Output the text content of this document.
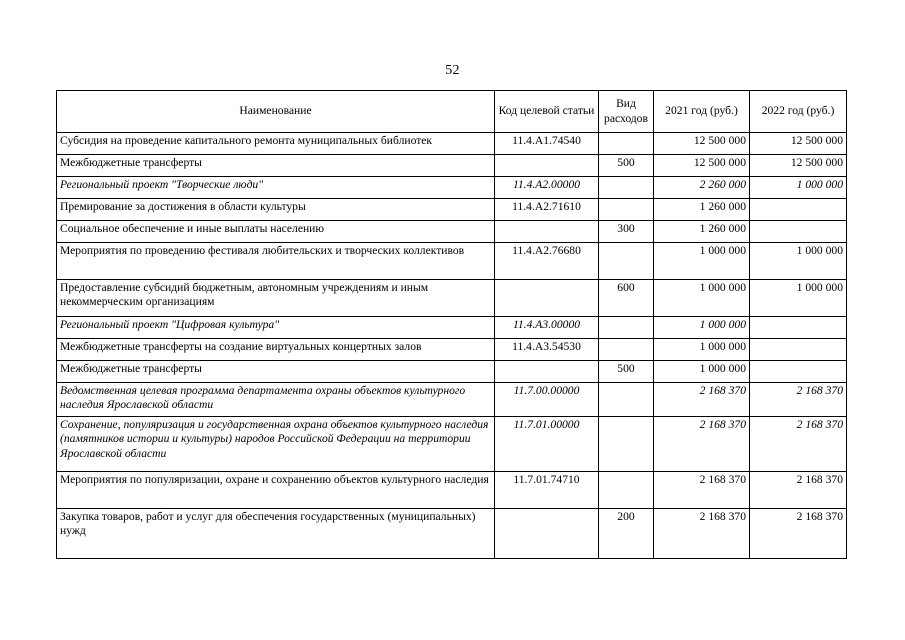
52
Наименование	Код целевой статьи	Вид расходов	2021 год (руб.)	2022 год (руб.)
Субсидия на проведение капитального ремонта муниципальных библиотек	11.4.А1.74540		12 500 000	12 500 000
Межбюджетные трансферты		500	12 500 000	12 500 000
Региональный проект "Творческие люди"	11.4.А2.00000		2 260 000	1 000 000
Премирование за достижения в области культуры	11.4.А2.71610		1 260 000	
Социальное обеспечение и иные выплаты населению		300	1 260 000	
Мероприятия по проведению фестиваля любительских и творческих коллективов	11.4.А2.76680		1 000 000	1 000 000
Предоставление субсидий бюджетным, автономным учреждениям и иным некоммерческим организациям		600	1 000 000	1 000 000
Региональный проект "Цифровая культура"	11.4.А3.00000		1 000 000	
Межбюджетные трансферты на создание виртуальных концертных залов	11.4.А3.54530		1 000 000	
Межбюджетные трансферты		500	1 000 000	
Ведомственная целевая программа департамента охраны объектов культурного наследия Ярославской области	11.7.00.00000		2 168 370	2 168 370
Сохранение, популяризация и государственная охрана объектов культурного наследия (памятников истории и культуры) народов Российской Федерации на территории Ярославской области	11.7.01.00000		2 168 370	2 168 370
Мероприятия по популяризации, охране и сохранению объектов культурного наследия	11.7.01.74710		2 168 370	2 168 370
Закупка товаров, работ и услуг для обеспечения государственных (муниципальных) нужд		200	2 168 370	2 168 370
